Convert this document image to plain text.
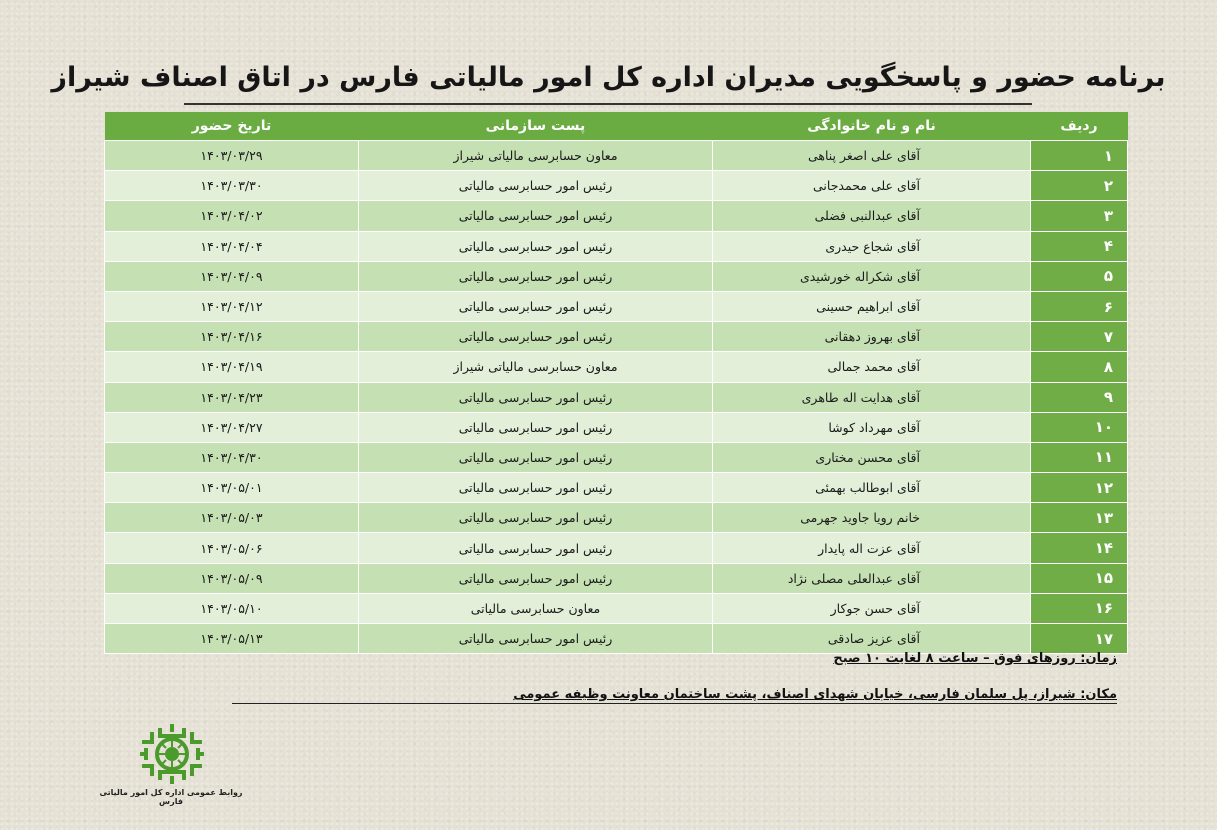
برنامه حضور و پاسخگویی مدیران اداره کل امور مالیاتی فارس در اتاق اصناف شیراز
ردیف	نام و نام خانوادگی	پست سازمانی	تاریخ حضور
۱	آقای علی اصغر پناهی	معاون حسابرسی مالیاتی شیراز	۱۴۰۳/۰۳/۲۹
۲	آقای علی محمدجانی	رئیس امور حسابرسی مالیاتی	۱۴۰۳/۰۳/۳۰
۳	آقای عبدالنبی فضلی	رئیس امور حسابرسی مالیاتی	۱۴۰۳/۰۴/۰۲
۴	آقای شجاع حیدری	رئیس امور حسابرسی مالیاتی	۱۴۰۳/۰۴/۰۴
۵	آقای شکراله خورشیدی	رئیس امور حسابرسی مالیاتی	۱۴۰۳/۰۴/۰۹
۶	آقای ابراهیم حسینی	رئیس امور حسابرسی مالیاتی	۱۴۰۳/۰۴/۱۲
۷	آقای بهروز دهقانی	رئیس امور حسابرسی مالیاتی	۱۴۰۳/۰۴/۱۶
۸	آقای محمد جمالی	معاون حسابرسی مالیاتی شیراز	۱۴۰۳/۰۴/۱۹
۹	آقای هدایت اله طاهری	رئیس امور حسابرسی مالیاتی	۱۴۰۳/۰۴/۲۳
۱۰	آقای مهرداد کوشا	رئیس امور حسابرسی مالیاتی	۱۴۰۳/۰۴/۲۷
۱۱	آقای محسن مختاری	رئیس امور حسابرسی مالیاتی	۱۴۰۳/۰۴/۳۰
۱۲	آقای ابوطالب بهمئی	رئیس امور حسابرسی مالیاتی	۱۴۰۳/۰۵/۰۱
۱۳	خانم رویا جاوید جهرمی	رئیس امور حسابرسی مالیاتی	۱۴۰۳/۰۵/۰۳
۱۴	آقای عزت اله پایدار	رئیس امور حسابرسی مالیاتی	۱۴۰۳/۰۵/۰۶
۱۵	آقای عبدالعلی مصلی نژاد	رئیس امور حسابرسی مالیاتی	۱۴۰۳/۰۵/۰۹
۱۶	آقای حسن جوکار	معاون حسابرسی مالیاتی	۱۴۰۳/۰۵/۱۰
۱۷	آقای عزیز صادقی	رئیس امور حسابرسی مالیاتی	۱۴۰۳/۰۵/۱۳
زمان: روزهای فوق – ساعت ۸ لغایت ۱۰ صبح
مکان: شیراز، پل سلمان فارسی، خیابان شهدای اصناف، پشت ساختمان معاونت وظیفه عمومی
روابط عمومی اداره کل امور مالیاتی فارس
